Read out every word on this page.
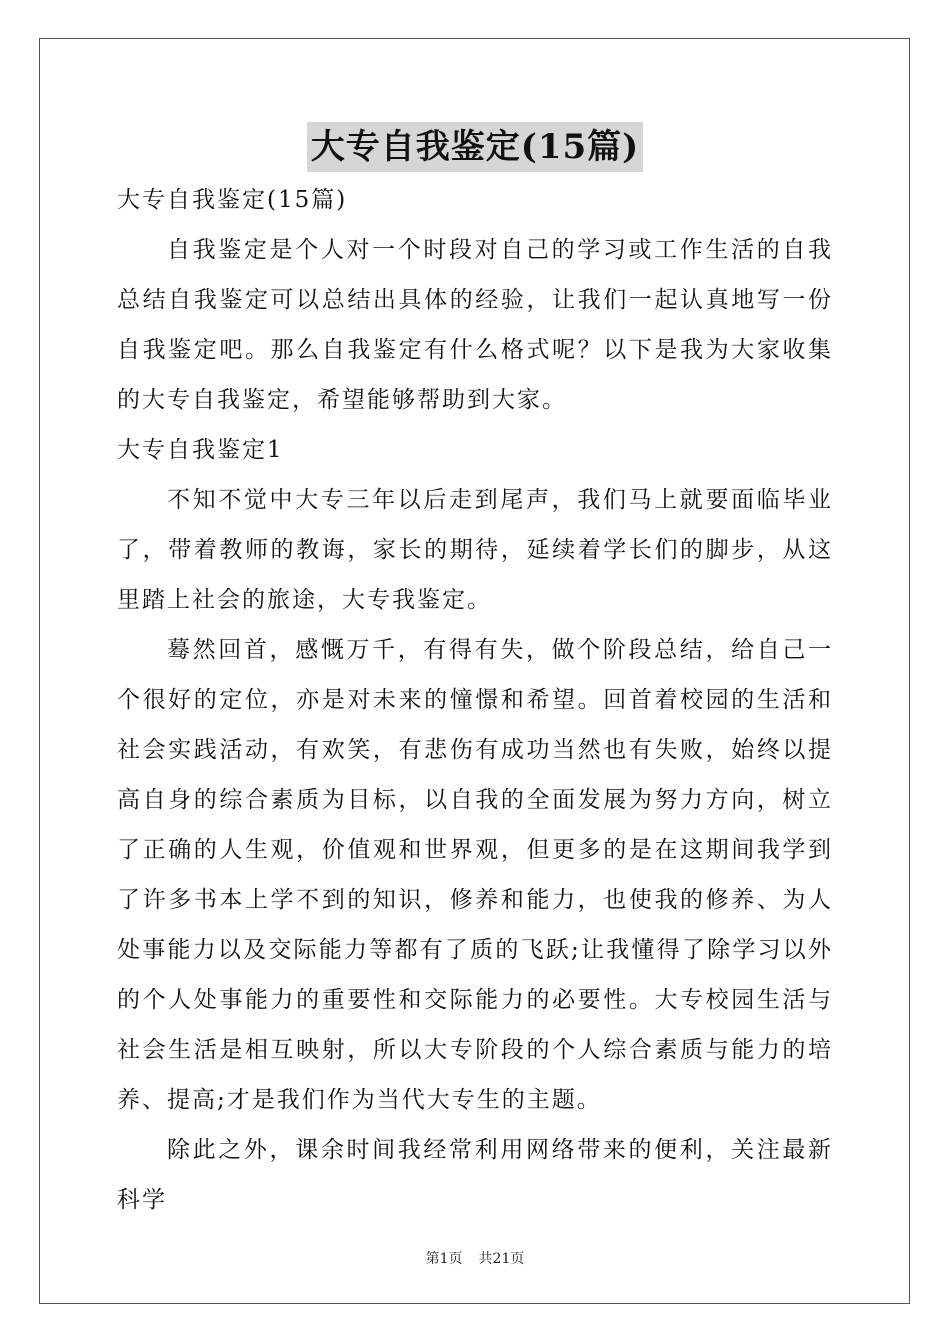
大专自我鉴定(15篇)

大专自我鉴定(15篇)

自我鉴定是个人对一个时段对自己的学习或工作生活的自我总结自我鉴定可以总结出具体的经验，让我们一起认真地写一份自我鉴定吧。那么自我鉴定有什么格式呢？以下是我为大家收集的大专自我鉴定，希望能够帮助到大家。

大专自我鉴定1

不知不觉中大专三年以后走到尾声，我们马上就要面临毕业了，带着教师的教诲，家长的期待，延续着学长们的脚步，从这里踏上社会的旅途，大专我鉴定。

蓦然回首，感慨万千，有得有失，做个阶段总结，给自己一个很好的定位，亦是对未来的憧憬和希望。回首着校园的生活和社会实践活动，有欢笑，有悲伤有成功当然也有失败，始终以提高自身的综合素质为目标，以自我的全面发展为努力方向，树立了正确的人生观，价值观和世界观，但更多的是在这期间我学到了许多书本上学不到的知识，修养和能力，也使我的修养、为人处事能力以及交际能力等都有了质的飞跃;让我懂得了除学习以外的个人处事能力的重要性和交际能力的必要性。大专校园生活与社会生活是相互映射，所以大专阶段的个人综合素质与能力的培养、提高;才是我们作为当代大专生的主题。

除此之外，课余时间我经常利用网络带来的便利，关注最新科学

第1页 共21页
